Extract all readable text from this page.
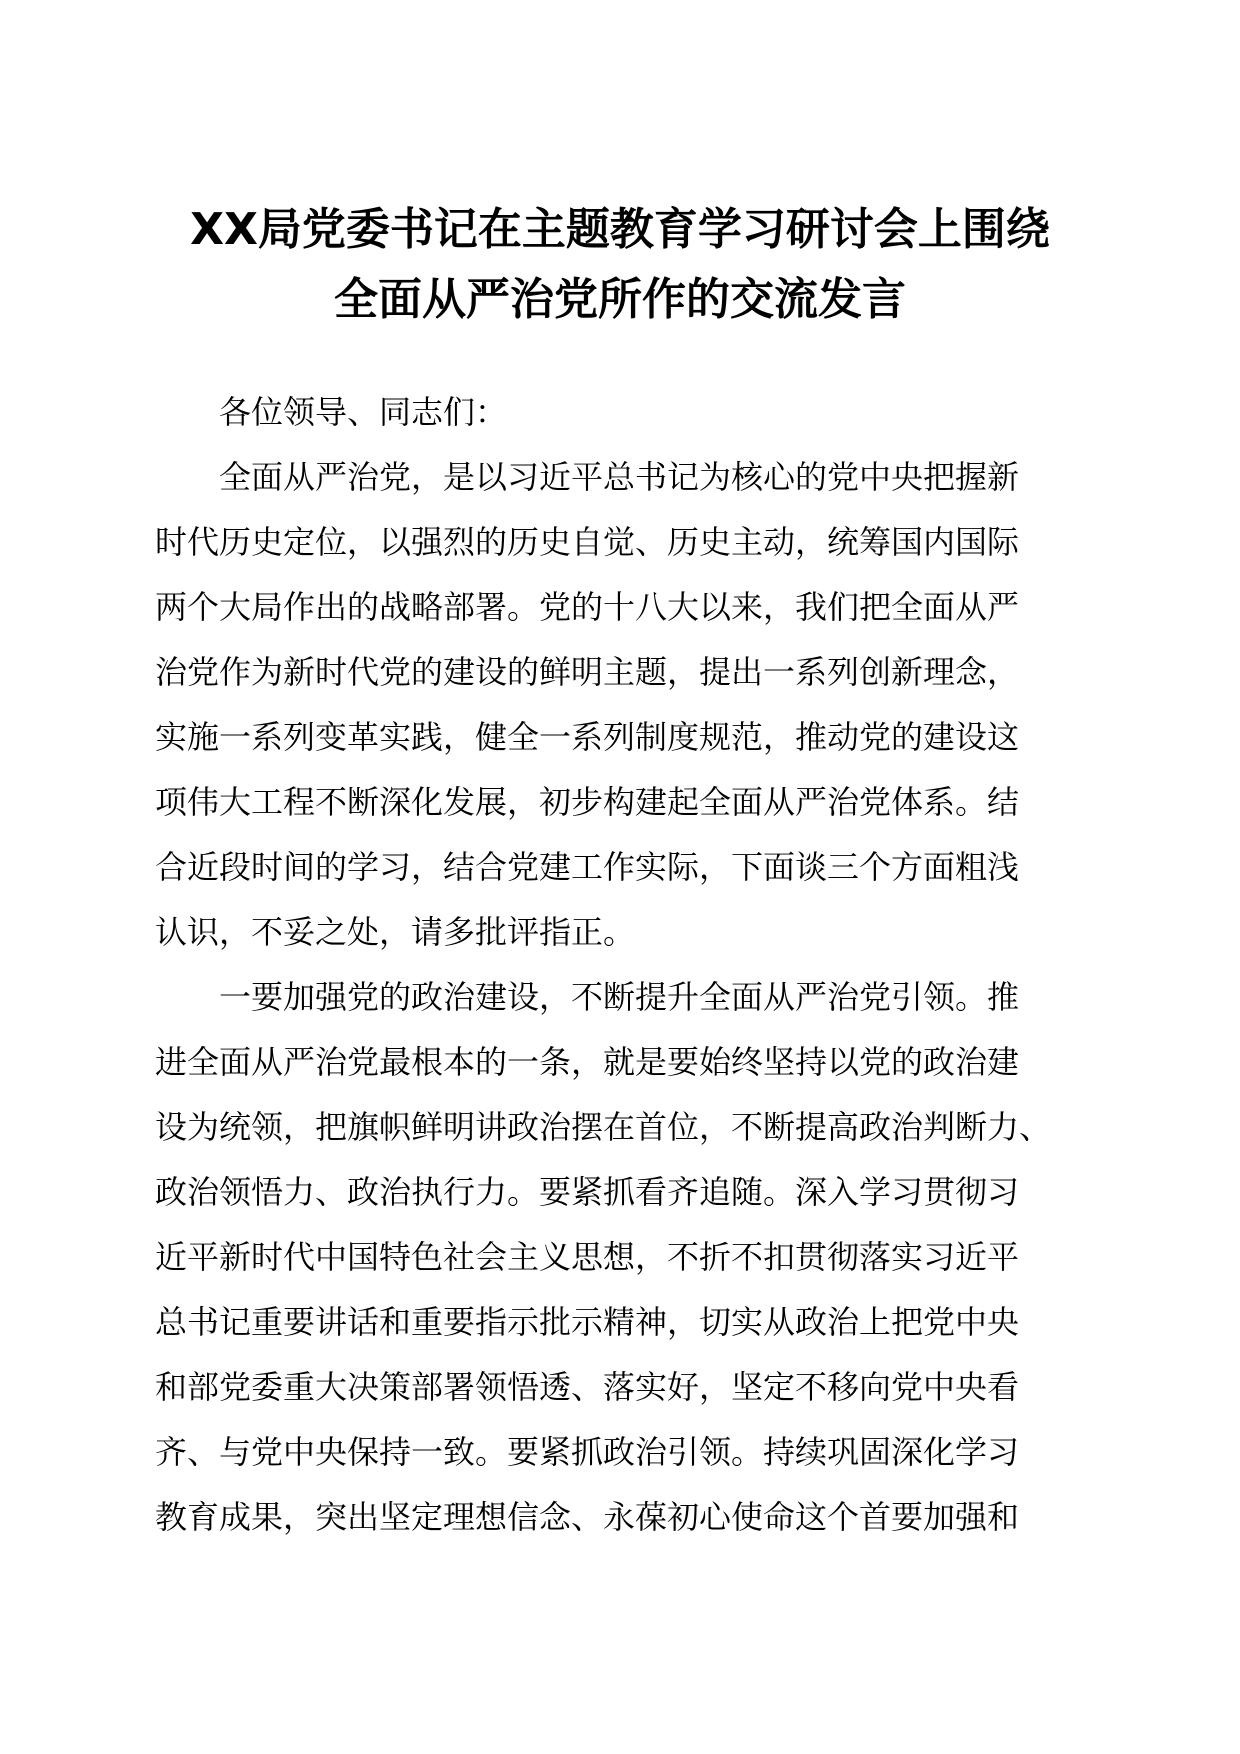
XX局党委书记在主题教育学习研讨会上围绕
全面从严治党所作的交流发言

各位领导、同志们：

全面从严治党，是以习近平总书记为核心的党中央把握新
时代历史定位，以强烈的历史自觉、历史主动，统筹国内国际
两个大局作出的战略部署。党的十八大以来，我们把全面从严
治党作为新时代党的建设的鲜明主题，提出一系列创新理念，
实施一系列变革实践，健全一系列制度规范，推动党的建设这
项伟大工程不断深化发展，初步构建起全面从严治党体系。结
合近段时间的学习，结合党建工作实际，下面谈三个方面粗浅
认识，不妥之处，请多批评指正。

一要加强党的政治建设，不断提升全面从严治党引领。推
进全面从严治党最根本的一条，就是要始终坚持以党的政治建
设为统领，把旗帜鲜明讲政治摆在首位，不断提高政治判断力、
政治领悟力、政治执行力。要紧抓看齐追随。深入学习贯彻习
近平新时代中国特色社会主义思想，不折不扣贯彻落实习近平
总书记重要讲话和重要指示批示精神，切实从政治上把党中央
和部党委重大决策部署领悟透、落实好，坚定不移向党中央看
齐、与党中央保持一致。要紧抓政治引领。持续巩固深化学习
教育成果，突出坚定理想信念、永葆初心使命这个首要加强和
